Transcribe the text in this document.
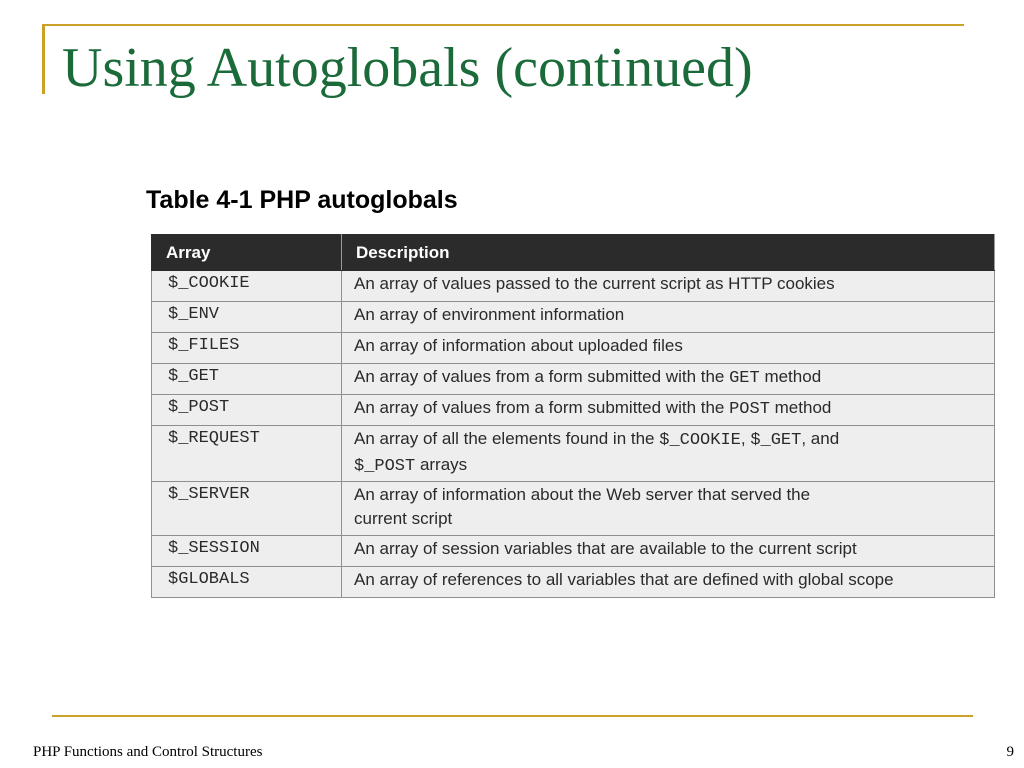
Using Autoglobals (continued)
Table 4-1 PHP autoglobals
Array	Description
$_COOKIE	An array of values passed to the current script as HTTP cookies
$_ENV	An array of environment information
$_FILES	An array of information about uploaded files
$_GET	An array of values from a form submitted with the GET method
$_POST	An array of values from a form submitted with the POST method
$_REQUEST	An array of all the elements found in the $_COOKIE, $_GET, and
$_POST arrays
$_SERVER	An array of information about the Web server that served the
current script
$_SESSION	An array of session variables that are available to the current script
$GLOBALS	An array of references to all variables that are defined with global scope
PHP Functions and Control Structures	9
